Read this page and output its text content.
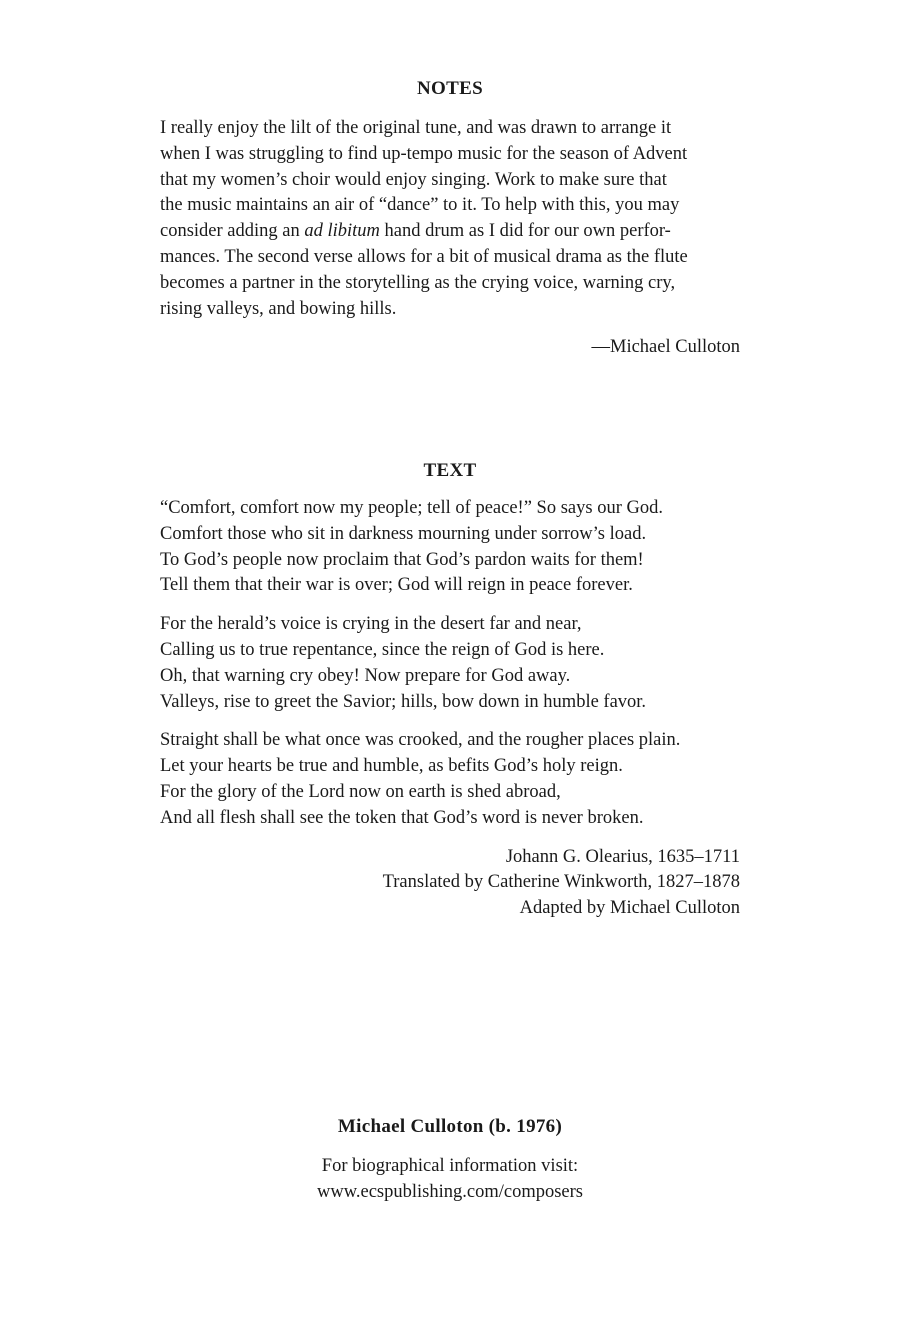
NOTES
I really enjoy the lilt of the original tune, and was drawn to arrange it
when I was struggling to find up-tempo music for the season of Advent
that my women’s choir would enjoy singing. Work to make sure that
the music maintains an air of “dance” to it. To help with this, you may
consider adding an ad libitum hand drum as I did for our own perfor-
mances. The second verse allows for a bit of musical drama as the flute
becomes a partner in the storytelling as the crying voice, warning cry,
rising valleys, and bowing hills.
—Michael Culloton
TEXT
“Comfort, comfort now my people; tell of peace!” So says our God.
Comfort those who sit in darkness mourning under sorrow’s load.
To God’s people now proclaim that God’s pardon waits for them!
Tell them that their war is over; God will reign in peace forever.
For the herald’s voice is crying in the desert far and near,
Calling us to true repentance, since the reign of God is here.
Oh, that warning cry obey! Now prepare for God away.
Valleys, rise to greet the Savior; hills, bow down in humble favor.
Straight shall be what once was crooked, and the rougher places plain.
Let your hearts be true and humble, as befits God’s holy reign.
For the glory of the Lord now on earth is shed abroad,
And all flesh shall see the token that God’s word is never broken.
Johann G. Olearius, 1635–1711
Translated by Catherine Winkworth, 1827–1878
Adapted by Michael Culloton
Michael Culloton (b. 1976)
For biographical information visit:
www.ecspublishing.com/composers
